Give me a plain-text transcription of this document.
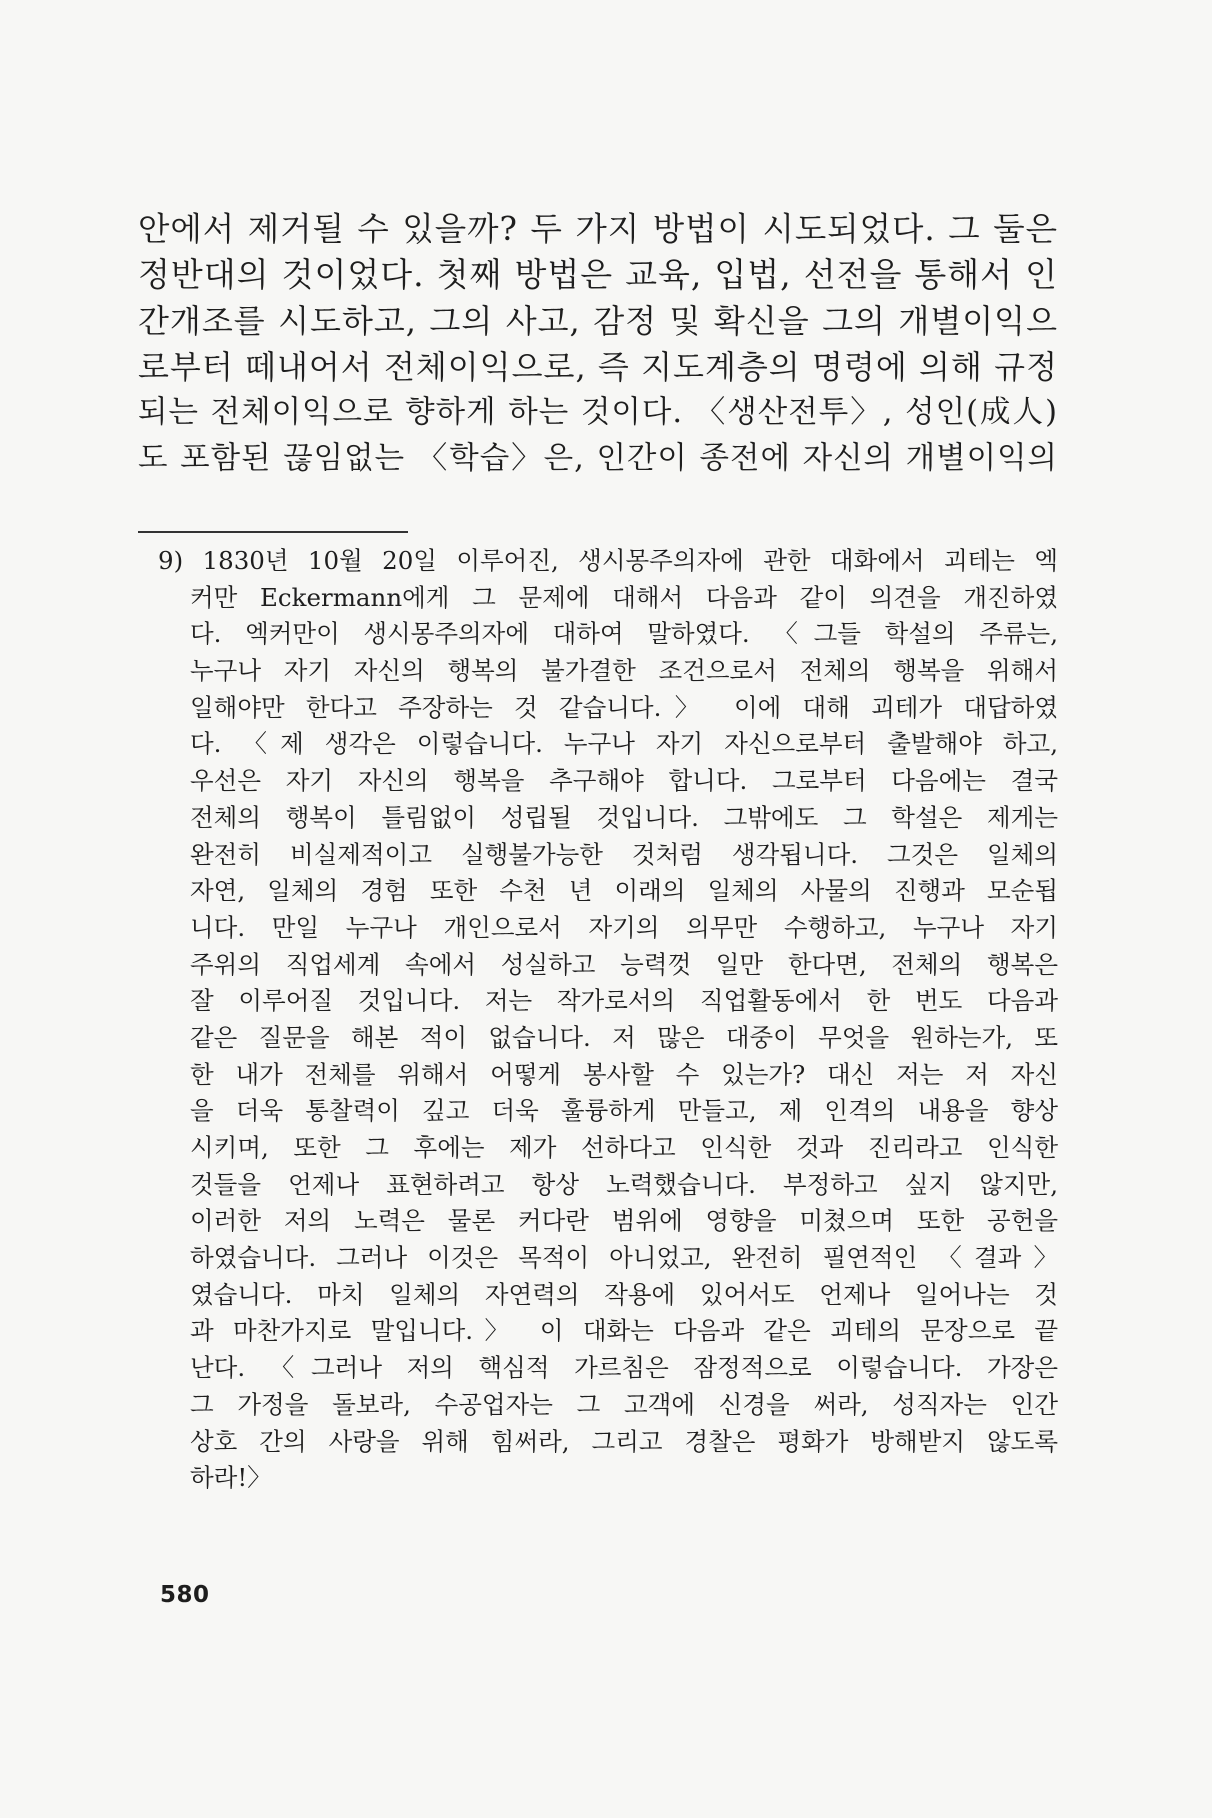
안에서 제거될 수 있을까? 두 가지 방법이 시도되었다. 그 둘은
정반대의 것이었다. 첫째 방법은 교육, 입법, 선전을 통해서 인
간개조를 시도하고, 그의 사고, 감정 및 확신을 그의 개별이익으
로부터 떼내어서 전체이익으로, 즉 지도계층의 명령에 의해 규정
되는 전체이익으로 향하게 하는 것이다. 〈생산전투〉, 성인(成人)
도 포함된 끊임없는 〈학습〉은, 인간이 종전에 자신의 개별이익의
9) 1830년 10월 20일 이루어진, 생시몽주의자에 관한 대화에서 괴테는 엑
커만 Eckermann에게 그 문제에 대해서 다음과 같이 의견을 개진하였
다. 엑커만이 생시몽주의자에 대하여 말하였다. 〈그들 학설의 주류는,
누구나 자기 자신의 행복의 불가결한 조건으로서 전체의 행복을 위해서
일해야만 한다고 주장하는 것 같습니다.〉 이에 대해 괴테가 대답하였
다. 〈제 생각은 이렇습니다. 누구나 자기 자신으로부터 출발해야 하고,
우선은 자기 자신의 행복을 추구해야 합니다. 그로부터 다음에는 결국
전체의 행복이 틀림없이 성립될 것입니다. 그밖에도 그 학설은 제게는
완전히 비실제적이고 실행불가능한 것처럼 생각됩니다. 그것은 일체의
자연, 일체의 경험 또한 수천 년 이래의 일체의 사물의 진행과 모순됩
니다. 만일 누구나 개인으로서 자기의 의무만 수행하고, 누구나 자기
주위의 직업세계 속에서 성실하고 능력껏 일만 한다면, 전체의 행복은
잘 이루어질 것입니다. 저는 작가로서의 직업활동에서 한 번도 다음과
같은 질문을 해본 적이 없습니다. 저 많은 대중이 무엇을 원하는가, 또
한 내가 전체를 위해서 어떻게 봉사할 수 있는가? 대신 저는 저 자신
을 더욱 통찰력이 깊고 더욱 훌륭하게 만들고, 제 인격의 내용을 향상
시키며, 또한 그 후에는 제가 선하다고 인식한 것과 진리라고 인식한
것들을 언제나 표현하려고 항상 노력했습니다. 부정하고 싶지 않지만,
이러한 저의 노력은 물론 커다란 범위에 영향을 미쳤으며 또한 공헌을
하였습니다. 그러나 이것은 목적이 아니었고, 완전히 필연적인 〈결과〉
였습니다. 마치 일체의 자연력의 작용에 있어서도 언제나 일어나는 것
과 마찬가지로 말입니다.〉 이 대화는 다음과 같은 괴테의 문장으로 끝
난다. 〈그러나 저의 핵심적 가르침은 잠정적으로 이렇습니다. 가장은
그 가정을 돌보라, 수공업자는 그 고객에 신경을 써라, 성직자는 인간
상호 간의 사랑을 위해 힘써라, 그리고 경찰은 평화가 방해받지 않도록
하라!〉
580
